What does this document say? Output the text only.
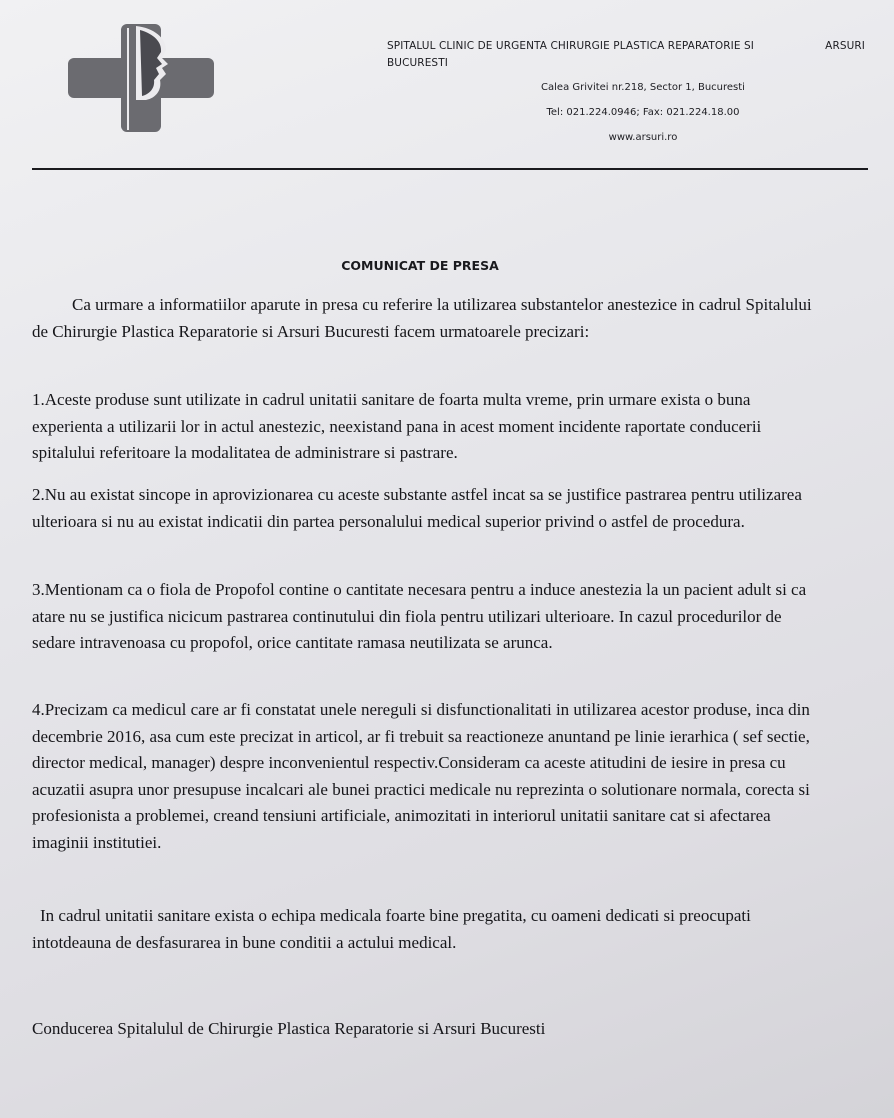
SPITALUL CLINIC DE URGENTA CHIRURGIE PLASTICA REPARATORIE SI	ARSURI
BUCURESTI
Calea Grivitei nr.218, Sector 1, Bucuresti
Tel: 021.224.0946; Fax: 021.224.18.00
www.arsuri.ro
COMUNICAT DE PRESA

Ca urmare a informatiilor aparute in presa cu referire la utilizarea substantelor anestezice in cadrul Spitalului de Chirurgie Plastica Reparatorie si Arsuri Bucuresti facem urmatoarele precizari:

1.Aceste produse sunt utilizate in cadrul unitatii sanitare de foarta multa vreme, prin urmare exista o buna experienta a utilizarii lor in actul anestezic, neexistand pana in acest moment incidente raportate conducerii spitalului referitoare la modalitatea de administrare si pastrare.

2.Nu au existat sincope in aprovizionarea cu aceste substante astfel incat sa se justifice pastrarea pentru utilizarea ulterioara si nu au existat indicatii din partea personalului medical superior privind o astfel de procedura.

3.Mentionam ca o fiola de Propofol contine o cantitate necesara pentru a induce anestezia la un pacient adult si ca atare nu se justifica nicicum pastrarea continutului din fiola pentru utilizari ulterioare. In cazul procedurilor de sedare intravenoasa cu propofol, orice cantitate ramasa neutilizata se arunca.

4.Precizam ca medicul care ar fi constatat unele nereguli si disfunctionalitati in utilizarea acestor produse, inca din decembrie 2016, asa cum este precizat in articol, ar fi trebuit sa reactioneze anuntand pe linie ierarhica ( sef sectie, director medical, manager) despre inconvenientul respectiv.Consideram ca aceste atitudini de iesire in presa cu acuzatii asupra unor presupuse incalcari ale bunei practici medicale nu reprezinta o solutionare normala, corecta si profesionista a problemei, creand tensiuni artificiale, animozitati in interiorul unitatii sanitare cat si afectarea imaginii institutiei.

In cadrul unitatii sanitare exista o echipa medicala foarte bine pregatita, cu oameni dedicati si preocupati intotdeauna de desfasurarea in bune conditii a actului medical.

Conducerea Spitalulul de Chirurgie Plastica Reparatorie si Arsuri Bucuresti
